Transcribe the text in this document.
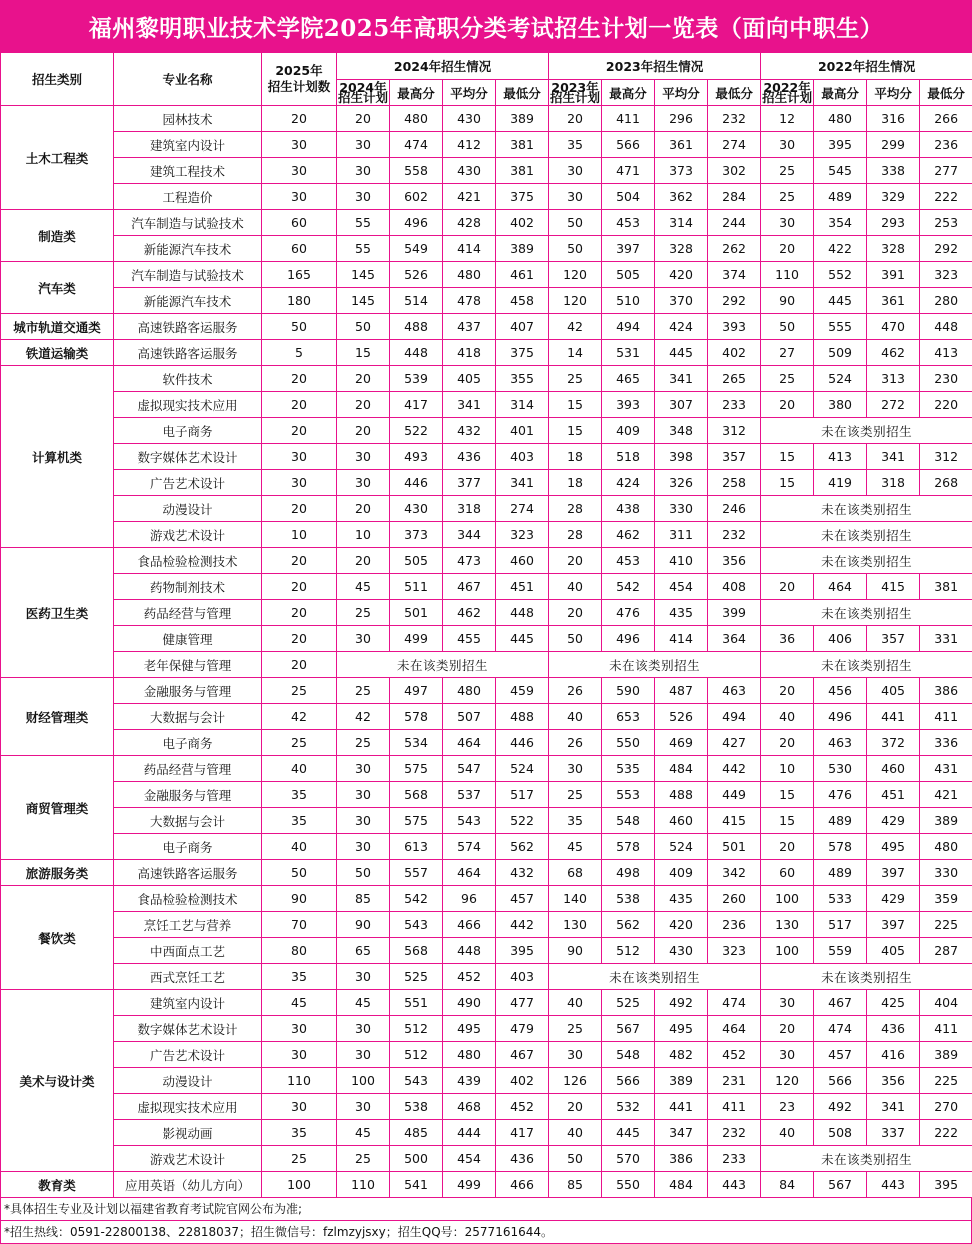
福州黎明职业技术学院2025年高职分类考试招生计划一览表（面向中职生）
招生类别	专业名称	2025年
招生计划数	2024年招生情况				2023年招生情况				2022年招生情况			
			2024年招生计划	最高分	平均分	最低分	2023年招生计划	最高分	平均分	最低分	2022年招生计划	最高分	平均分	最低分
土木工程类	园林技术	20	20	480	430	389	20	411	296	232	12	480	316	266
	建筑室内设计	30	30	474	412	381	35	566	361	274	30	395	299	236
	建筑工程技术	30	30	558	430	381	30	471	373	302	25	545	338	277
	工程造价	30	30	602	421	375	30	504	362	284	25	489	329	222
制造类	汽车制造与试验技术	60	55	496	428	402	50	453	314	244	30	354	293	253
	新能源汽车技术	60	55	549	414	389	50	397	328	262	20	422	328	292
汽车类	汽车制造与试验技术	165	145	526	480	461	120	505	420	374	110	552	391	323
	新能源汽车技术	180	145	514	478	458	120	510	370	292	90	445	361	280
城市轨道交通类	高速铁路客运服务	50	50	488	437	407	42	494	424	393	50	555	470	448
铁道运输类	高速铁路客运服务	5	15	448	418	375	14	531	445	402	27	509	462	413
计算机类	软件技术	20	20	539	405	355	25	465	341	265	25	524	313	230
	虚拟现实技术应用	20	20	417	341	314	15	393	307	233	20	380	272	220
	电子商务	20	20	522	432	401	15	409	348	312	未在该类别招生			
	数字媒体艺术设计	30	30	493	436	403	18	518	398	357	15	413	341	312
	广告艺术设计	30	30	446	377	341	18	424	326	258	15	419	318	268
	动漫设计	20	20	430	318	274	28	438	330	246	未在该类别招生			
	游戏艺术设计	10	10	373	344	323	28	462	311	232	未在该类别招生			
医药卫生类	食品检验检测技术	20	20	505	473	460	20	453	410	356	未在该类别招生			
	药物制剂技术	20	45	511	467	451	40	542	454	408	20	464	415	381
	药品经营与管理	20	25	501	462	448	20	476	435	399	未在该类别招生			
	健康管理	20	30	499	455	445	50	496	414	364	36	406	357	331
	老年保健与管理	20	未在该类别招生				未在该类别招生				未在该类别招生			
财经管理类	金融服务与管理	25	25	497	480	459	26	590	487	463	20	456	405	386
	大数据与会计	42	42	578	507	488	40	653	526	494	40	496	441	411
	电子商务	25	25	534	464	446	26	550	469	427	20	463	372	336
商贸管理类	药品经营与管理	40	30	575	547	524	30	535	484	442	10	530	460	431
	金融服务与管理	35	30	568	537	517	25	553	488	449	15	476	451	421
	大数据与会计	35	30	575	543	522	35	548	460	415	15	489	429	389
	电子商务	40	30	613	574	562	45	578	524	501	20	578	495	480
旅游服务类	高速铁路客运服务	50	50	557	464	432	68	498	409	342	60	489	397	330
餐饮类	食品检验检测技术	90	85	542	96	457	140	538	435	260	100	533	429	359
	烹饪工艺与营养	70	90	543	466	442	130	562	420	236	130	517	397	225
	中西面点工艺	80	65	568	448	395	90	512	430	323	100	559	405	287
	西式烹饪工艺	35	30	525	452	403	未在该类别招生				未在该类别招生			
美术与设计类	建筑室内设计	45	45	551	490	477	40	525	492	474	30	467	425	404
	数字媒体艺术设计	30	30	512	495	479	25	567	495	464	20	474	436	411
	广告艺术设计	30	30	512	480	467	30	548	482	452	30	457	416	389
	动漫设计	110	100	543	439	402	126	566	389	231	120	566	356	225
	虚拟现实技术应用	30	30	538	468	452	20	532	441	411	23	492	341	270
	影视动画	35	45	485	444	417	40	445	347	232	40	508	337	222
	游戏艺术设计	25	25	500	454	436	50	570	386	233	未在该类别招生			
教育类	应用英语（幼儿方向）	100	110	541	499	466	85	550	484	443	84	567	443	395
*具体招生专业及计划以福建省教育考试院官网公布为准;
*招生热线：0591-22800138、22818037；招生微信号：fzlmzyjsxy；招生QQ号：2577161644。
